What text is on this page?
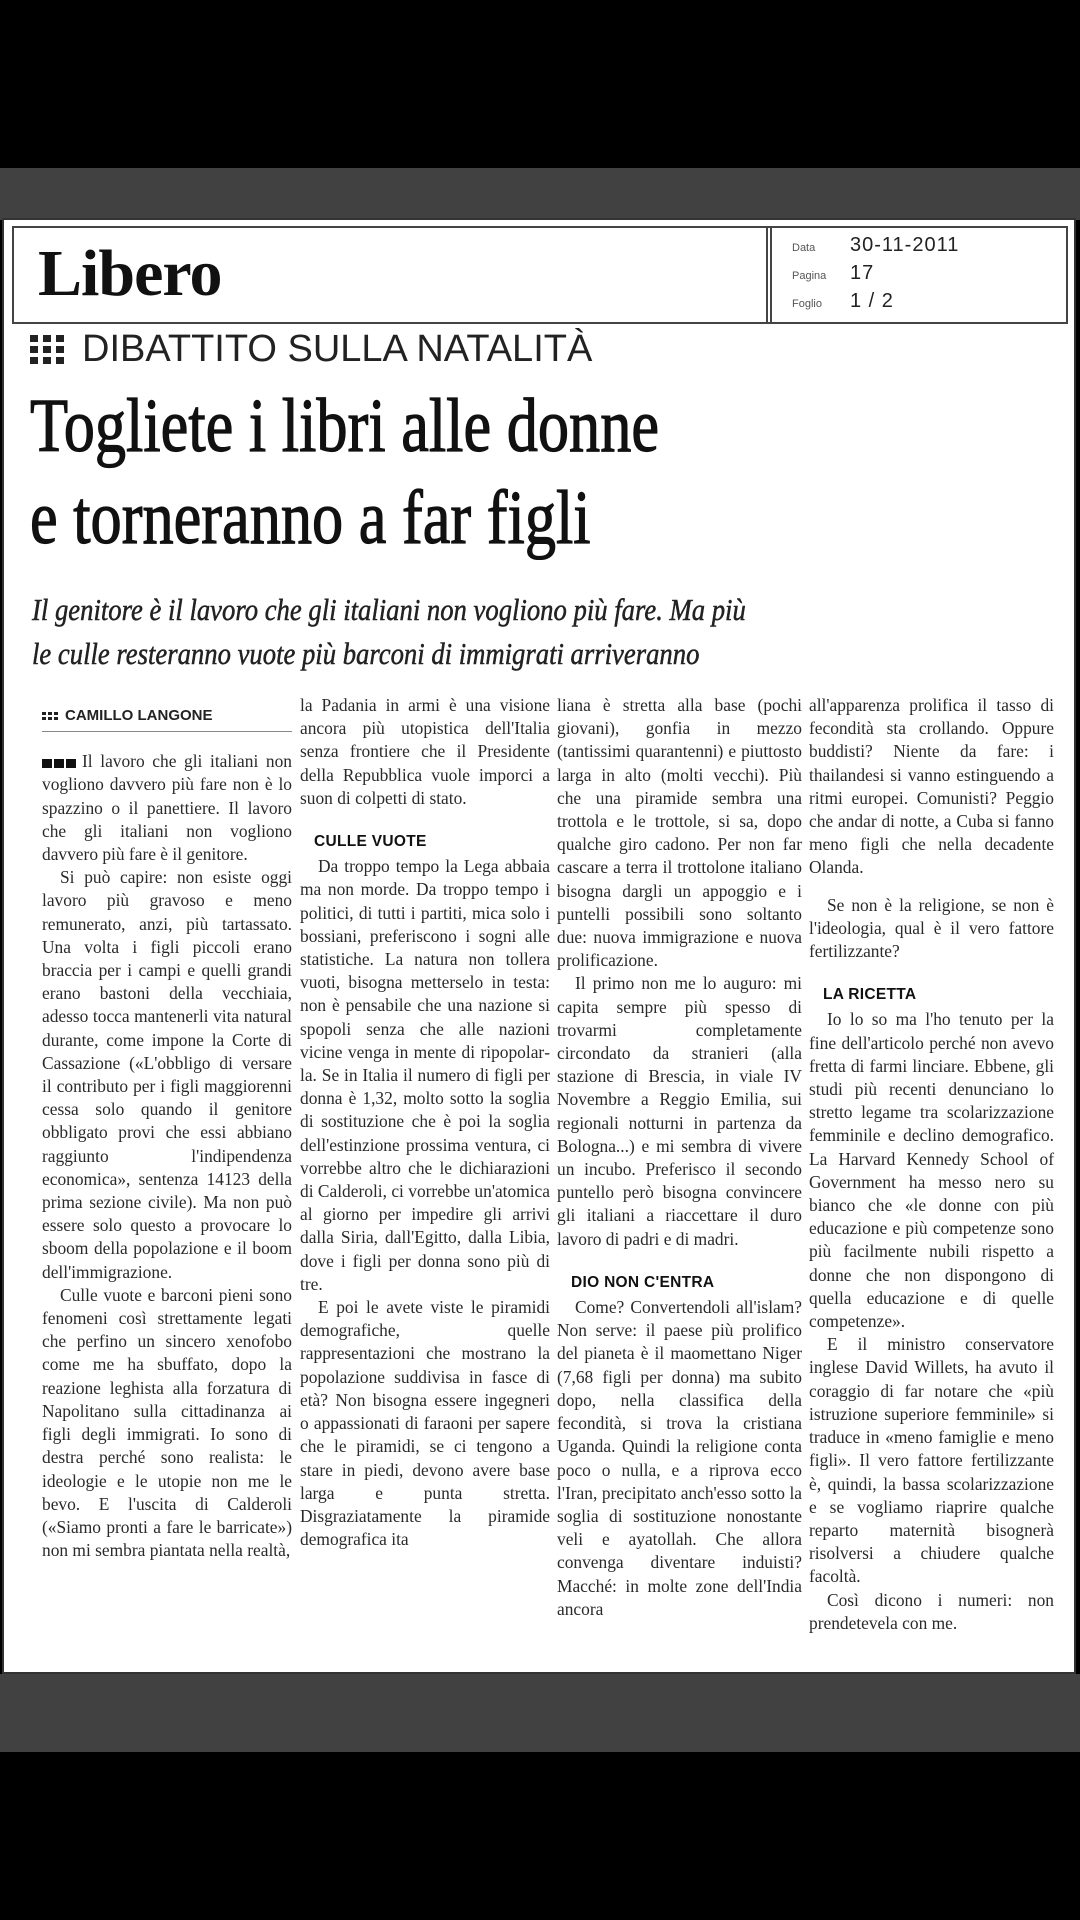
Libero	Data	30-11-2011
Pagina	17
Foglio	1 / 2
DIBATTITO SULLA NATALITÀ
Togliete i libri alle donne
e torneranno a far figli
Il genitore è il lavoro che gli italiani non vogliono più fare. Ma più
le culle resteranno vuote più barconi di immigrati arriveranno
CAMILLO LANGONE

Il lavoro che gli italiani non vogliono davvero più fare non è lo spazzino o il panettiere. Il lavoro che gli italiani non vogliono davvero più fare è il genitore.

Si può capire: non esiste oggi lavoro più gravoso e meno remunerato, anzi, più tartassato. Una volta i figli piccoli erano braccia per i campi e quelli grandi erano bastoni della vecchiaia, adesso tocca mantenerli vita natural durante, come impone la Corte di Cassazione («L'obbligo di versare il contributo per i figli maggiorenni cessa solo quando il genitore obbligato provi che essi abbiano raggiunto l'indipendenza economica», sentenza 14123 della prima sezione civile). Ma non può essere solo questo a provocare lo sboom della popolazione e il boom dell'immigrazione.

Culle vuote e barconi pieni sono fenomeni così strettamente legati che perfino un sincero xenofobo come me ha sbuffato, dopo la reazione leghista alla forzatura di Napolitano sulla cittadinanza ai figli degli immigrati. Io sono di destra perché sono realista: le ideologie e le utopie non me le bevo. E l'uscita di Calderoli («Siamo pronti a fare le barricate») non mi sembra piantata nella realtà,

la Padania in armi è una visione ancora più utopistica dell'Italia senza frontiere che il Presidente della Repubblica vuole imporci a suon di colpetti di stato.

CULLE VUOTE

Da troppo tempo la Lega abbaia ma non morde. Da troppo tempo i politici, di tutti i partiti, mica solo i bossiani, preferiscono i sogni alle statistiche. La natura non tollera vuoti, bisogna metterselo in testa: non è pensabile che una nazione si spopoli senza che alle nazioni vicine venga in mente di ripopolarla. Se in Italia il numero di figli per donna è 1,32, molto sotto la soglia di sostituzione che è poi la soglia dell'estinzione prossima ventura, ci vorrebbe altro che le dichiarazioni di Calderoli, ci vorrebbe un'atomica al giorno per impedire gli arrivi dalla Siria, dall'Egitto, dalla Libia, dove i figli per donna sono più di tre.

E poi le avete viste le piramidi demografiche, quelle rappresentazioni che mostrano la popolazione suddivisa in fasce di età? Non bisogna essere ingegneri o appassionati di faraoni per sapere che le piramidi, se ci tengono a stare in piedi, devono avere base larga e punta stretta. Disgraziatamente la piramide demografica ita

liana è stretta alla base (pochi giovani), gonfia in mezzo (tantissimi quarantenni) e piuttosto larga in alto (molti vecchi). Più che una piramide sembra una trottola e le trottole, si sa, dopo qualche giro cadono. Per non far cascare a terra il trottolone italiano bisogna dargli un appoggio e i puntelli possibili sono soltanto due: nuova immigrazione e nuova prolificazione.

Il primo non me lo auguro: mi capita sempre più spesso di trovarmi completamente circondato da stranieri (alla stazione di Brescia, in viale IV Novembre a Reggio Emilia, sui regionali notturni in partenza da Bologna...) e mi sembra di vivere un incubo. Preferisco il secondo puntello però bisogna convincere gli italiani a riaccettare il duro lavoro di padri e di madri.

DIO NON C'ENTRA

Come? Convertendoli all'islam? Non serve: il paese più prolifico del pianeta è il maomettano Niger (7,68 figli per donna) ma subito dopo, nella classifica della fecondità, si trova la cristiana Uganda. Quindi la religione conta poco o nulla, e a riprova ecco l'Iran, precipitato anch'esso sotto la soglia di sostituzione nonostante veli e ayatollah. Che allora convenga diventare induisti? Macché: in molte zone dell'India ancora

all'apparenza prolifica il tasso di fecondità sta crollando. Oppure buddisti? Niente da fare: i thailandesi si vanno estinguendo a ritmi europei. Comunisti? Peggio che andar di notte, a Cuba si fanno meno figli che nella decadente Olanda.

Se non è la religione, se non è l'ideologia, qual è il vero fattore fertilizzante?

LA RICETTA

Io lo so ma l'ho tenuto per la fine dell'articolo perché non avevo fretta di farmi linciare. Ebbene, gli studi più recenti denunciano lo stretto legame tra scolarizzazione femminile e declino demografico. La Harvard Kennedy School of Government ha messo nero su bianco che «le donne con più educazione e più competenze sono più facilmente nubili rispetto a donne che non dispongono di quella educazione e di quelle competenze».

E il ministro conservatore inglese David Willets, ha avuto il coraggio di far notare che «più istruzione superiore femminile» si traduce in «meno famiglie e meno figli». Il vero fattore fertilizzante è, quindi, la bassa scolarizzazione e se vogliamo riaprire qualche reparto maternità bisognerà risolversi a chiudere qualche facoltà.

Così dicono i numeri: non prendetevela con me.
